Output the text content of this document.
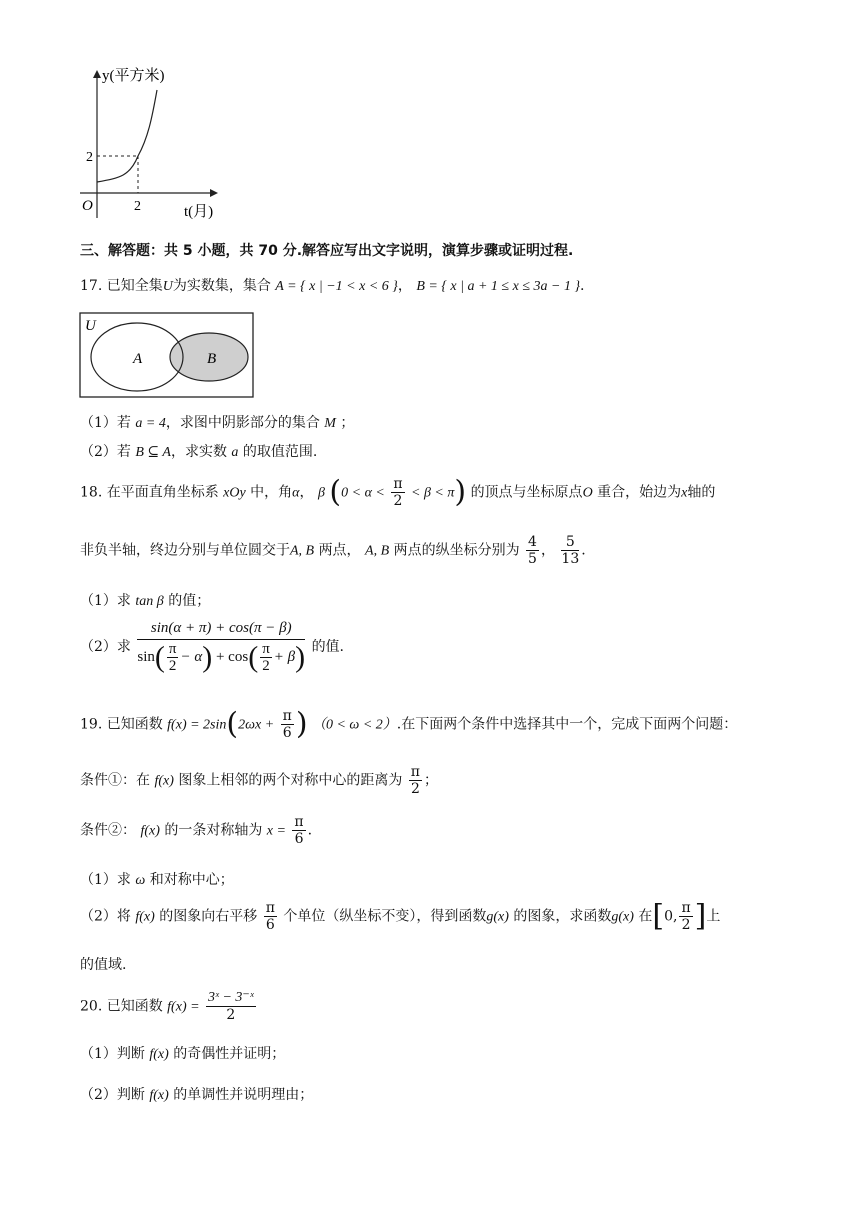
y(平方米)
2
O	2	t(月)
三、解答题：共 5 小题，共 70 分.解答应写出文字说明，演算步骤或证明过程.
17. 已知全集U为实数集，集合 A = { x | −1 < x < 6 }， B = { x | a + 1 ≤ x ≤ 3a − 1 }.
U
A	B
（1）若 a = 4，求图中阴影部分的集合 M ；
（2）若 B ⊆ A，求实数 a 的取值范围.
18. 在平面直角坐标系 xOy 中，角α， β $(0 < \alpha < \frac{\pi}{2} < \beta < \pi)$ 的顶点与坐标原点O 重合，始边为x轴的
非负半轴，终边分别与单位圆交于A, B 两点， A, B 两点的纵坐标分别为 $\frac{4}{5}$ ， $\frac{5}{13}$ .
（1）求 tan β 的值；
（2）求 $\frac{\sin(\alpha + \pi) + \cos(\pi - \beta)}{\sin( \frac{\pi}{2} - \alpha) + \cos( \frac{\pi}{2} + \beta)}$ 的值.
19. 已知函数 $f(x) = 2\sin(2\omega x + \frac{\pi}{6}$ ) （0 < ω < 2）.在下面两个条件中选择其中一个，完成下面两个问题：
条件①：在 f(x) 图象上相邻的两个对称中心的距离为 $\frac{\pi}{2}$ ；
条件②： f(x) 的一条对称轴为 $x = \frac{\pi}{6}$ .
（1）求 ω 和对称中心；
（2）将 f(x) 的图象向右平移 $\frac{\pi}{6}$ 个单位（纵坐标不变），得到函数g(x) 的图象，求函数g(x) 在[0, $\frac{\pi}{2}$ ]上
的值域.
20. 已知函数 $f(x) = \frac{\text{3ˣ − 3⁻ˣ}}{2}$
（1）判断 f(x) 的奇偶性并证明；
（2）判断 f(x) 的单调性并说明理由；
